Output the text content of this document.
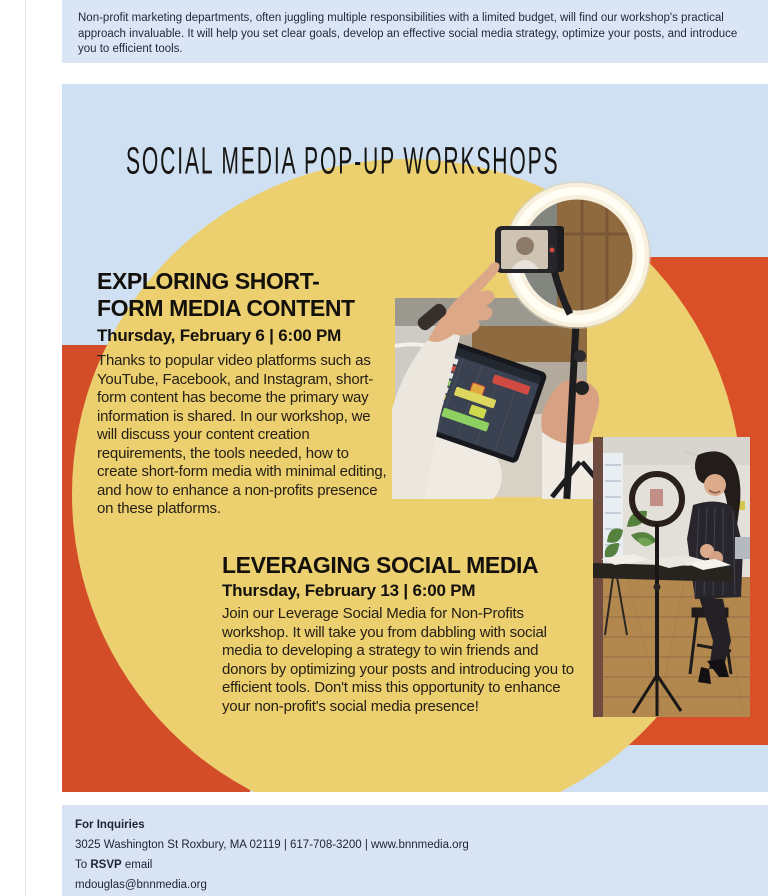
Non-profit marketing departments, often juggling multiple responsibilities with a limited budget, will find our workshop's practical approach invaluable. It will help you set clear goals, develop an effective social media strategy, optimize your posts, and introduce you to efficient tools.

SOCIAL MEDIA POP-UP WORKSHOPS
EXPLORING SHORT-
FORM MEDIA CONTENT

Thursday, February 6 | 6:00 PM

Thanks to popular video platforms such as YouTube, Facebook, and Instagram, short-form content has become the primary way information is shared. In our workshop, we will discuss your content creation requirements, the tools needed, how to create short-form media with minimal editing, and how to enhance a non-profits presence on these platforms.

LEVERAGING SOCIAL MEDIA

Thursday, February 13 | 6:00 PM

Join our Leverage Social Media for Non-Profits workshop. It will take you from dabbling with social media to developing a strategy to win friends and donors by optimizing your posts and introducing you to efficient tools. Don't miss this opportunity to enhance your non-profit's social media presence!

For Inquiries

3025 Washington St Roxbury, MA 02119 | 617-708-3200 | www.bnnmedia.org

To RSVP email

mdouglas@bnnmedia.org
